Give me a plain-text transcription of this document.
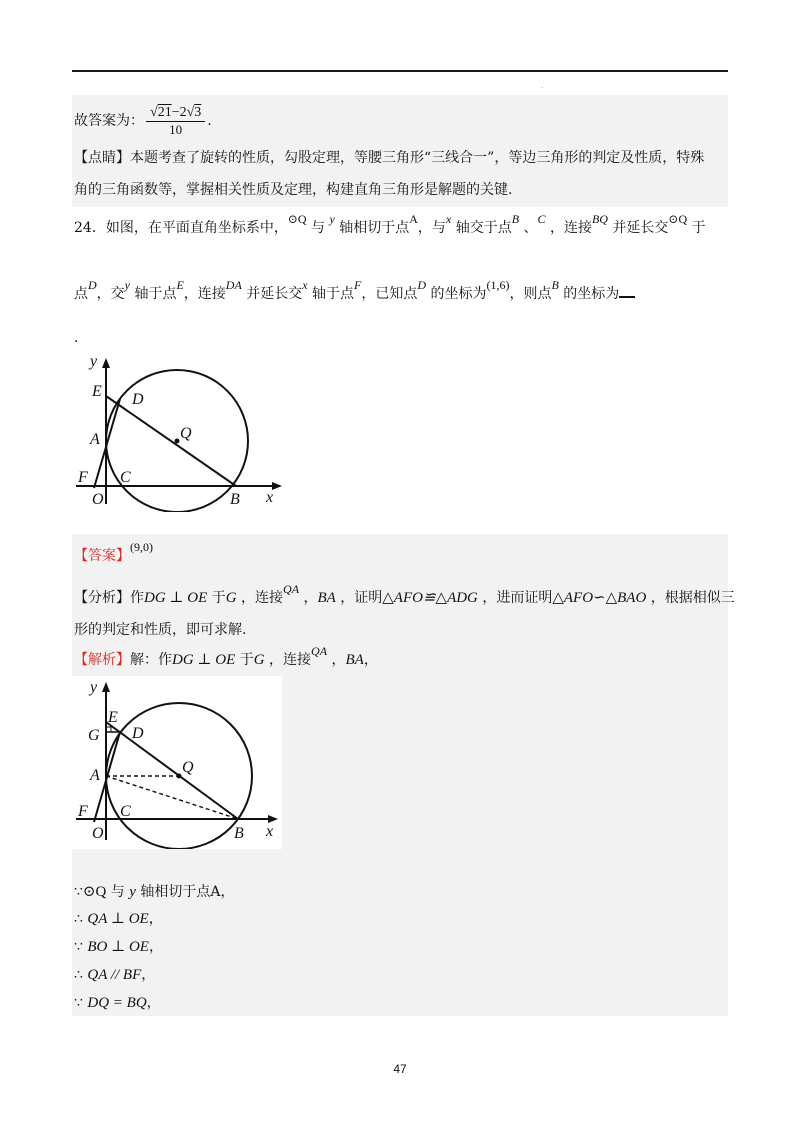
.
故答案为： $\frac{√21-2√3}{10}$ .
【点睛】本题考查了旋转的性质，勾股定理，等腰三角形“三线合一”，等边三角形的判定及性质，特殊
角的三角函数等，掌握相关性质及定理，构建直角三角形是解题的关键.
24．如图，在平面直角坐标系中，⊙Q 与 y 轴相切于点A，与x 轴交于点B 、C ，连接BQ 并延长交⊙Q 于
点D，交y 轴于点E，连接DA 并延长交x 轴于点F，已知点D 的坐标为(1,6)，则点B 的坐标为
.
y
E D
Q
A
F C
O	B x
【答案】(9,0)
【分析】作DG ⊥ OE 于G ，连接QA ，BA ，证明△AFO≌△ADG ，进而证明△AFO∽△BAO ，根据相似三
形的判定和性质，即可求解.
【解析】解：作DG ⊥ OE 于G ，连接QA ，BA，
y
E
G D
Q
A
F C
O	B x
∵⊙Q 与 y 轴相切于点A，
∴ QA ⊥ OE，
∵ BO ⊥ OE，
∴ QA // BF，
∵ DQ = BQ，
47
